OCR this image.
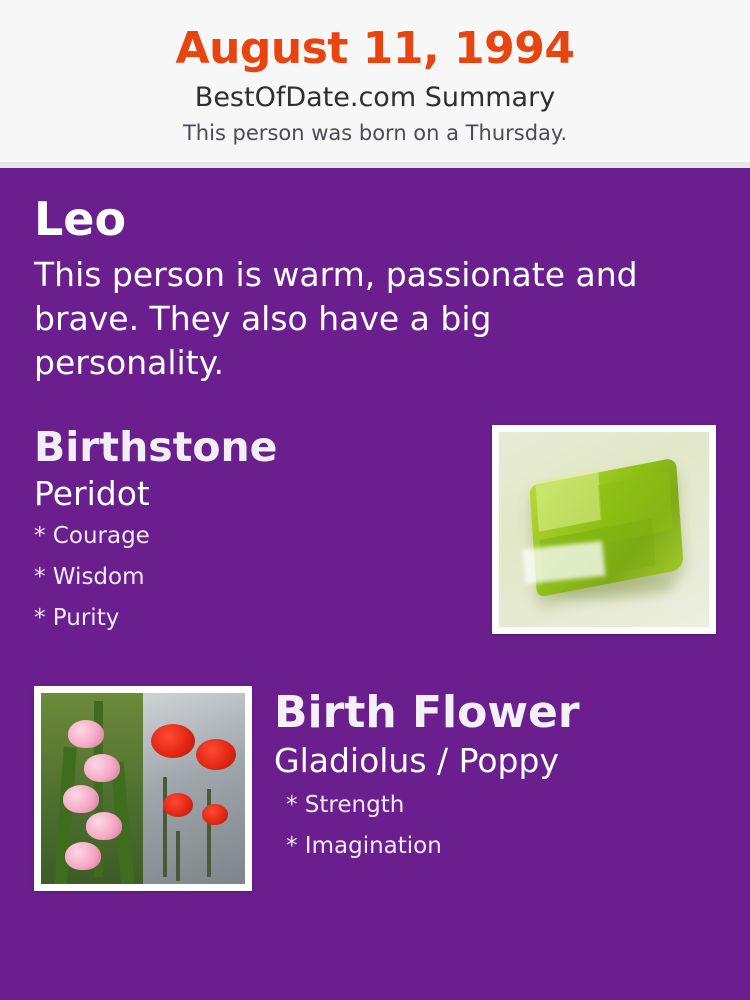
August 11, 1994
BestOfDate.com Summary
This person was born on a Thursday.
Leo
This person is warm, passionate and brave. They also have a big personality.
Birthstone
Peridot
* Courage
* Wisdom
* Purity
Birth Flower
Gladiolus / Poppy
* Strength
* Imagination
